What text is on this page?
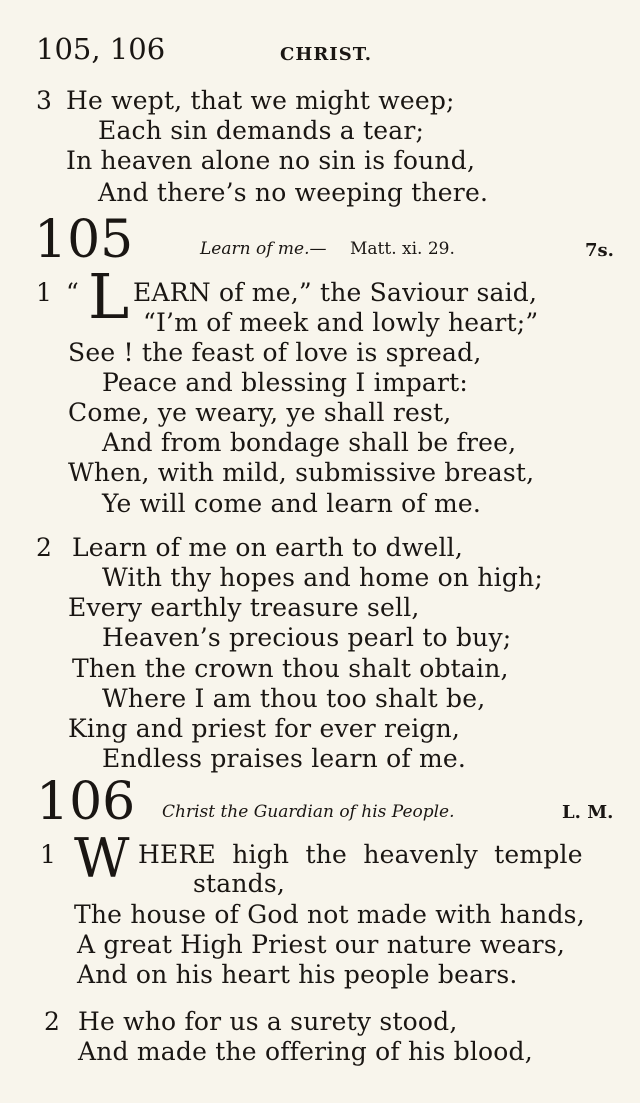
105, 106	CHRIST.
3 He wept, that we might weep;
Each sin demands a tear;
In heaven alone no sin is found,
And there’s no weeping there.
105	Learn of me.— Matt. xi. 29.	7s.
1 “ L EARN of me,” the Saviour said,
“I’m of meek and lowly heart;”
See ! the feast of love is spread,
Peace and blessing I impart:
Come, ye weary, ye shall rest,
And from bondage shall be free,
When, with mild, submissive breast,
Ye will come and learn of me.
2 Learn of me on earth to dwell,
With thy hopes and home on high;
Every earthly treasure sell,
Heaven’s precious pearl to buy;
Then the crown thou shalt obtain,
Where I am thou too shalt be,
King and priest for ever reign,
Endless praises learn of me.
106 Christ the Guardian of his People.	L. M.
1 W HERE  high  the  heavenly  temple
stands,
The house of God not made with hands,
A great High Priest our nature wears,
And on his heart his people bears.
2 He who for us a surety stood,
And made the offering of his blood,
